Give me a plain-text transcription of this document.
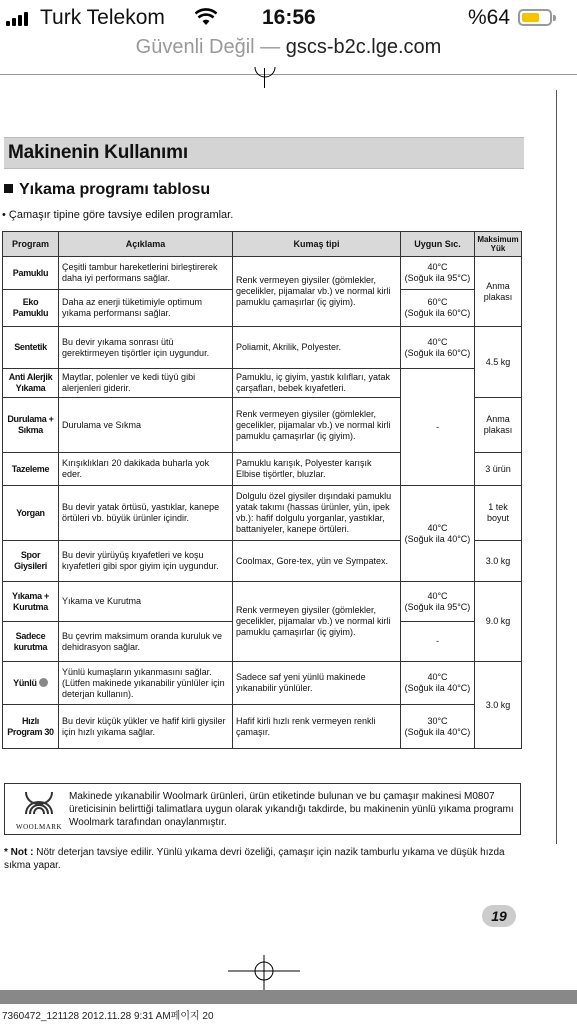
Turk Telekom	16:56	%64
Güvenli Değil — gscs-b2c.lge.com
Makinenin Kullanımı
Yıkama programı tablosu
• Çamaşır tipine göre tavsiye edilen programlar.
Program	Açıklama	Kumaş tipi	Uygun Sıc.	Maksimum Yük
Pamuklu	Çeşitli tambur hareketlerini birleştirerek daha iyi performans sağlar.	Renk vermeyen giysiler (gömlekler, gecelikler, pijamalar vb.) ve normal kirli pamuklu çamaşırlar (iç giyim).	40°C
(Soğuk ila 95°C)	Anma plakası
Eko Pamuklu	Daha az enerji tüketimiyle optimum yıkama performansı sağlar.		60°C
(Soğuk ila 60°C)	

Sentetik	Bu devir yıkama sonrası ütü gerektirmeyen tişörtler için uygundur.	Poliamit, Akrilik, Polyester.	40°C
(Soğuk ila 60°C)	4.5 kg
Anti Alerjik Yıkama	Maytlar, polenler ve kedi tüyü gibi alerjenleri giderir.	Pamuklu, iç giyim, yastık kılıfları, yatak çarşafları, bebek kıyafetleri.	-	
Durulama + Sıkma	Durulama ve Sıkma	Renk vermeyen giysiler (gömlekler, gecelikler, pijamalar vb.) ve normal kirli pamuklu çamaşırlar (iç giyim).		Anma plakası
Tazeleme	Kırışıklıkları 20 dakikada buharla yok eder.	Pamuklu karışık, Polyester karışık Elbise tişörtler, bluzlar.		3 ürün
Yorgan	Bu devir yatak örtüsü, yastıklar, kanepe örtüleri vb. büyük ürünler içindir.	Dolgulu özel giysiler dışındaki pamuklu yatak takımı (hassas ürünler, yün, ipek vb.): hafif dolgulu yorganlar, yastıklar, battaniyeler, kanepe örtüleri.	40°C
(Soğuk ila 40°C)	1 tek boyut
Spor Giysileri	Bu devir yürüyüş kıyafetleri ve koşu kıyafetleri gibi spor giyim için uygundur.	Coolmax, Gore-tex, yün ve Sympatex.		3.0 kg
Yıkama + Kurutma	Yıkama ve Kurutma	Renk vermeyen giysiler (gömlekler, gecelikler, pijamalar vb.) ve normal kirli pamuklu çamaşırlar (iç giyim).	40°C
(Soğuk ila 95°C)	9.0 kg
Sadece kurutma	Bu çevrim maksimum oranda kuruluk ve dehidrasyon sağlar.		-	
Yünlü	Yünlü kumaşların yıkanmasını sağlar. (Lütfen makinede yıkanabilir yünlüler için deterjan kullanın).	Sadece saf yeni yünlü makinede yıkanabilir yünlüler.	40°C
(Soğuk ila 40°C)	3.0 kg
Hızlı Program 30	Bu devir küçük yükler ve hafif kirli giysiler için hızlı yıkama sağlar.	Hafif kirli hızlı renk vermeyen renkli çamaşır.	30°C
(Soğuk ila 40°C)	
WOOLMARK
Makinede yıkanabilir Woolmark ürünleri, ürün etiketinde bulunan ve bu çamaşır makinesi M0807 üreticisinin belirttiği talimatlara uygun olarak yıkandığı takdirde, bu makinenin yünlü yıkama programı Woolmark tarafından onaylanmıştır.
* Not : Nötr deterjan tavsiye edilir. Yünlü yıkama devri özeliği, çamaşır için nazik tamburlu yıkama ve düşük hızda sıkma yapar.
19
7360472_121128 2012.11.28 9:31 AM페이지 20
